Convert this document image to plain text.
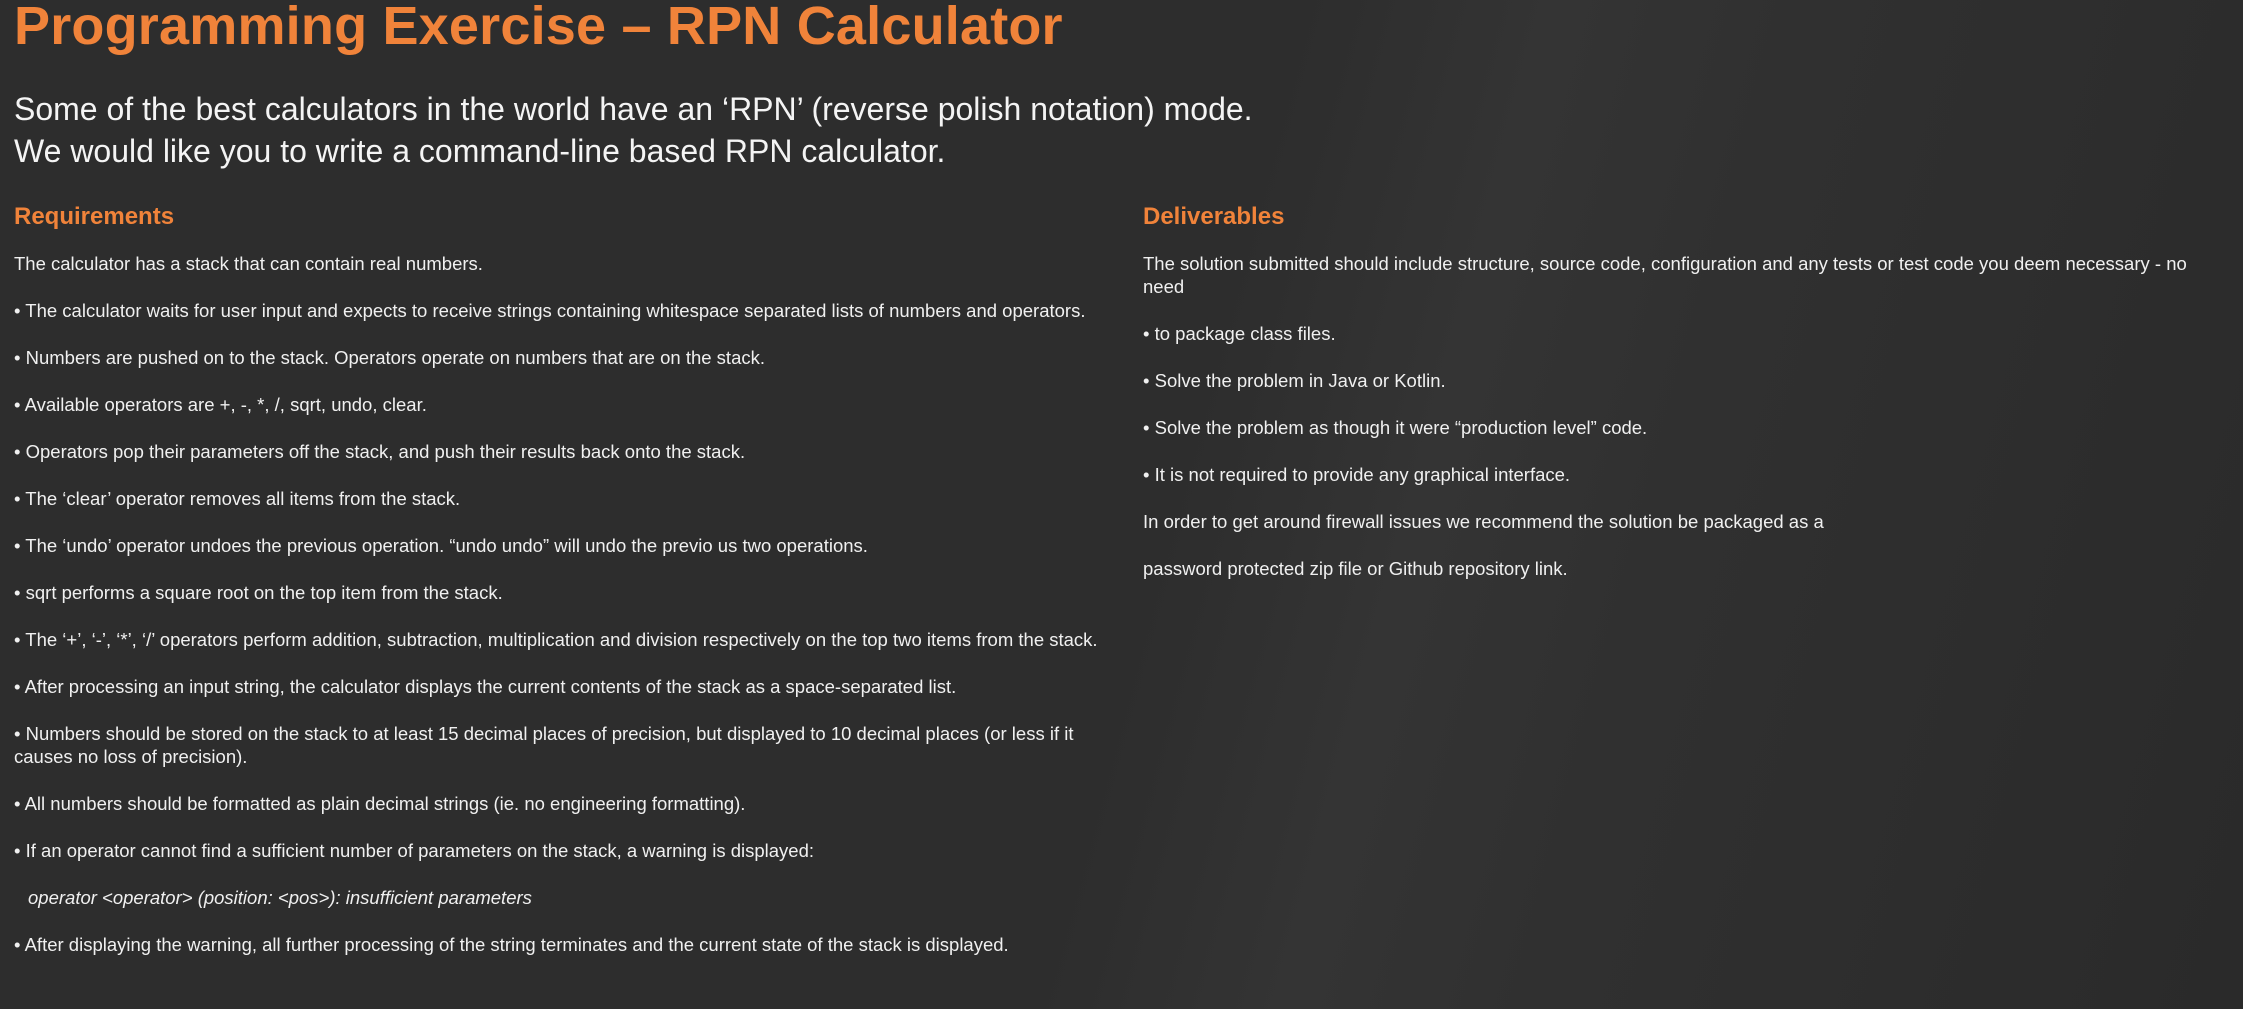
Programming Exercise – RPN Calculator

Some of the best calculators in the world have an ‘RPN’ (reverse polish notation) mode.

We would like you to write a command-line based RPN calculator.

Requirements

The calculator has a stack that can contain real numbers.

• The calculator waits for user input and expects to receive strings containing whitespace separated lists of numbers and operators.

• Numbers are pushed on to the stack. Operators operate on numbers that are on the stack.

• Available operators are +, -, *, /, sqrt, undo, clear.

• Operators pop their parameters off the stack, and push their results back onto the stack.

• The ‘clear’ operator removes all items from the stack.

• The ‘undo’ operator undoes the previous operation. “undo undo” will undo the previo us two operations.

• sqrt performs a square root on the top item from the stack.

• The ‘+’, ‘-’, ‘*’, ‘/’ operators perform addition, subtraction, multiplication and division respectively on the top two items from the stack.

• After processing an input string, the calculator displays the current contents of the stack as a space-separated list.

• Numbers should be stored on the stack to at least 15 decimal places of precision, but displayed to 10 decimal places (or less if it causes no loss of precision).

• All numbers should be formatted as plain decimal strings (ie. no engineering formatting).

• If an operator cannot find a sufficient number of parameters on the stack, a warning is displayed:

operator <operator> (position: <pos>): insufficient parameters

• After displaying the warning, all further processing of the string terminates and the current state of the stack is displayed.

Deliverables

The solution submitted should include structure, source code, configuration and any tests or test code you deem necessary - no need

• to package class files.

• Solve the problem in Java or Kotlin.

• Solve the problem as though it were “production level” code.

• It is not required to provide any graphical interface.

In order to get around firewall issues we recommend the solution be packaged as a

password protected zip file or Github repository link.
